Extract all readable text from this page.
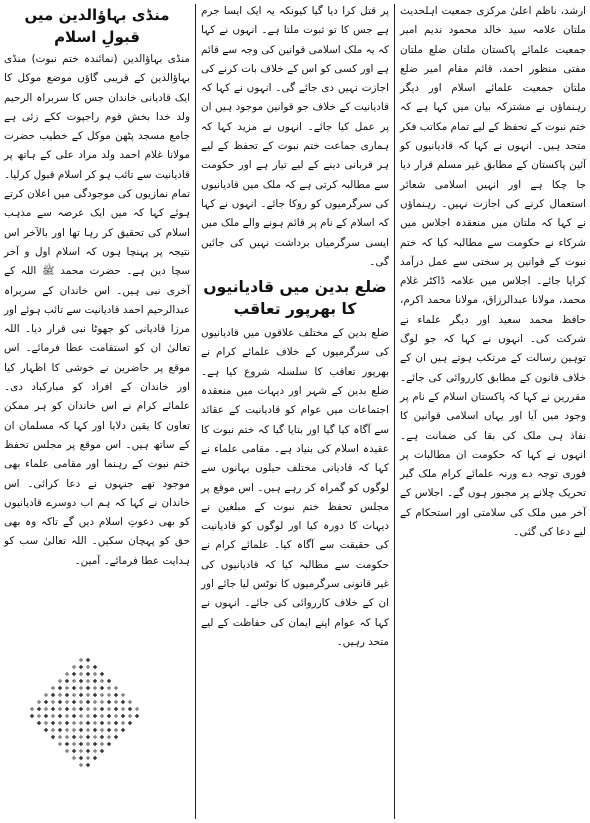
ارشد، ناظم اعلیٰ مرکزی جمعیت اہلحدیث ملتان علامہ سید خالد محمود ندیم امیر جمعیت علمائے پاکستان ملتان ضلع ملتان مفتی منظور احمد، قائم مقام امیر ضلع ملتان جمعیت علمائے اسلام اور دیگر رہنماؤں نے مشترکہ بیان میں کہا ہے کہ ختم نبوت کے تحفظ کے لیے تمام مکاتب فکر متحد ہیں۔ انہوں نے کہا کہ قادیانیوں کو آئین پاکستان کے مطابق غیر مسلم قرار دیا جا چکا ہے اور انہیں اسلامی شعائر استعمال کرنے کی اجازت نہیں۔ رہنماؤں نے کہا کہ ملتان میں منعقدہ اجلاس میں شرکاء نے حکومت سے مطالبہ کیا کہ ختم نبوت کے قوانین پر سختی سے عمل درآمد کرایا جائے۔ اجلاس میں علامہ ڈاکٹر غلام محمد، مولانا عبدالرزاق، مولانا محمد اکرم، حافظ محمد سعید اور دیگر علماء نے شرکت کی۔ انہوں نے کہا کہ جو لوگ توہین رسالت کے مرتکب ہوتے ہیں ان کے خلاف قانون کے مطابق کارروائی کی جائے۔ مقررین نے کہا کہ پاکستان اسلام کے نام پر وجود میں آیا اور یہاں اسلامی قوانین کا نفاذ ہی ملک کی بقا کی ضمانت ہے۔ انہوں نے کہا کہ حکومت ان مطالبات پر فوری توجہ دے ورنہ علمائے کرام ملک گیر تحریک چلانے پر مجبور ہوں گے۔ اجلاس کے آخر میں ملک کی سلامتی اور استحکام کے لیے دعا کی گئی۔

پر قتل کرا دیا گیا کیونکہ یہ ایک ایسا جرم ہے جس کا تو ثبوت ملتا ہے۔ انہوں نے کہا کہ یہ ملک اسلامی قوانین کی وجہ سے قائم ہے اور کسی کو اس کے خلاف بات کرنے کی اجازت نہیں دی جائے گی۔ انہوں نے کہا کہ قادیانیت کے خلاف جو قوانین موجود ہیں ان پر عمل کیا جائے۔ انہوں نے مزید کہا کہ ہماری جماعت ختم نبوت کے تحفظ کے لیے ہر قربانی دینے کے لیے تیار ہے اور حکومت سے مطالبہ کرتی ہے کہ ملک میں قادیانیوں کی سرگرمیوں کو روکا جائے۔ انہوں نے کہا کہ اسلام کے نام پر قائم ہونے والے ملک میں ایسی سرگرمیاں برداشت نہیں کی جائیں گی۔

ضلع بدین میں قادیانیوں کا بھرپور تعاقب

ضلع بدین کے مختلف علاقوں میں قادیانیوں کی سرگرمیوں کے خلاف علمائے کرام نے بھرپور تعاقب کا سلسلہ شروع کیا ہے۔ ضلع بدین کے شہر اور دیہات میں منعقدہ اجتماعات میں عوام کو قادیانیت کے عقائد سے آگاہ کیا گیا اور بتایا گیا کہ ختم نبوت کا عقیدہ اسلام کی بنیاد ہے۔ مقامی علماء نے کہا کہ قادیانی مختلف حیلوں بہانوں سے لوگوں کو گمراہ کر رہے ہیں۔ اس موقع پر مجلس تحفظ ختم نبوت کے مبلغین نے دیہات کا دورہ کیا اور لوگوں کو قادیانیت کی حقیقت سے آگاہ کیا۔ علمائے کرام نے حکومت سے مطالبہ کیا کہ قادیانیوں کی غیر قانونی سرگرمیوں کا نوٹس لیا جائے اور ان کے خلاف کارروائی کی جائے۔ انہوں نے کہا کہ عوام اپنے ایمان کی حفاظت کے لیے متحد رہیں۔

منڈی بہاؤالدین میں قبولِ اسلام

منڈی بہاؤالدین (نمائندہ ختم نبوت) منڈی بہاؤالدین کے قریبی گاؤں موضع موکل کا ایک قادیانی خاندان جس کا سربراہ الرحیم ولد خدا بخش قوم راجپوت ککے زئی ہے جامع مسجد پٹھن موکل کے خطیب حضرت مولانا غلام احمد ولد مراد علی کے ہاتھ پر قادیانیت سے تائب ہو کر اسلام قبول کرلیا۔ تمام نمازیوں کی موجودگی میں اعلان کرتے ہوئے کہا کہ میں ایک عرصہ سے مذہب اسلام کی تحقیق کر رہا تھا اور بالآخر اس نتیجہ پر پہنچا ہوں کہ اسلام اول و آخر سچا دین ہے۔ حضرت محمد ﷺ اللہ کے آخری نبی ہیں۔ اس خاندان کے سربراہ عبدالرحیم احمد قادیانیت سے تائب ہوئے اور مرزا قادیانی کو جھوٹا نبی قرار دیا۔ اللہ تعالیٰ ان کو استقامت عطا فرمائے۔ اس موقع پر حاضرین نے خوشی کا اظہار کیا اور خاندان کے افراد کو مبارکباد دی۔ علمائے کرام نے اس خاندان کو ہر ممکن تعاون کا یقین دلایا اور کہا کہ مسلمان ان کے ساتھ ہیں۔ اس موقع پر مجلس تحفظ ختم نبوت کے رہنما اور مقامی علماء بھی موجود تھے جنہوں نے دعا کرائی۔ اس خاندان نے کہا کہ ہم اب دوسرے قادیانیوں کو بھی دعوتِ اسلام دیں گے تاکہ وہ بھی حق کو پہچان سکیں۔ اللہ تعالیٰ سب کو ہدایت عطا فرمائے۔ آمین۔
